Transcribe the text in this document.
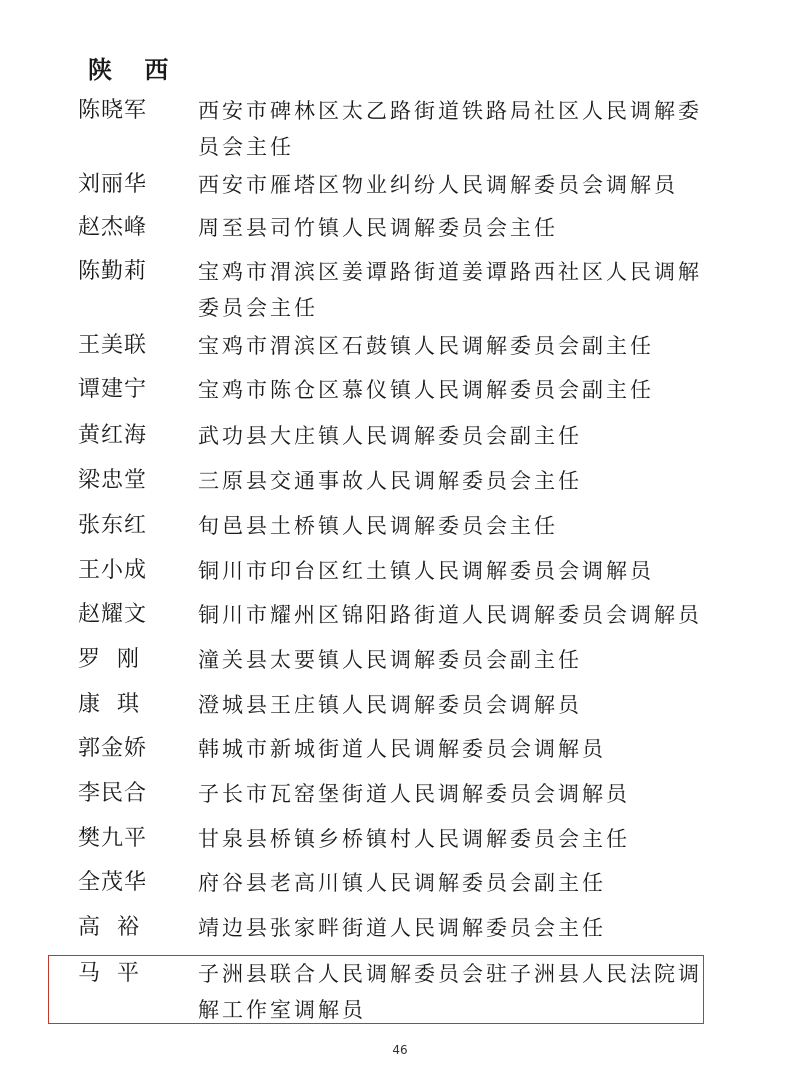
陕 西
陈晓军 西安市碑林区太乙路街道铁路局社区人民调解委员会主任
刘丽华 西安市雁塔区物业纠纷人民调解委员会调解员
赵杰峰 周至县司竹镇人民调解委员会主任
陈勤莉 宝鸡市渭滨区姜谭路街道姜谭路西社区人民调解委员会主任
王美联 宝鸡市渭滨区石鼓镇人民调解委员会副主任
谭建宁 宝鸡市陈仓区慕仪镇人民调解委员会副主任
黄红海 武功县大庄镇人民调解委员会副主任
梁忠堂 三原县交通事故人民调解委员会主任
张东红 旬邑县土桥镇人民调解委员会主任
王小成 铜川市印台区红土镇人民调解委员会调解员
赵耀文 铜川市耀州区锦阳路街道人民调解委员会调解员
罗  刚	潼关县太要镇人民调解委员会副主任
康  琪	澄城县王庄镇人民调解委员会调解员
郭金娇 韩城市新城街道人民调解委员会调解员
李民合 子长市瓦窑堡街道人民调解委员会调解员
樊九平 甘泉县桥镇乡桥镇村人民调解委员会主任
全茂华 府谷县老高川镇人民调解委员会副主任
高  裕	靖边县张家畔街道人民调解委员会主任
马  平	子洲县联合人民调解委员会驻子洲县人民法院调解工作室调解员
46
